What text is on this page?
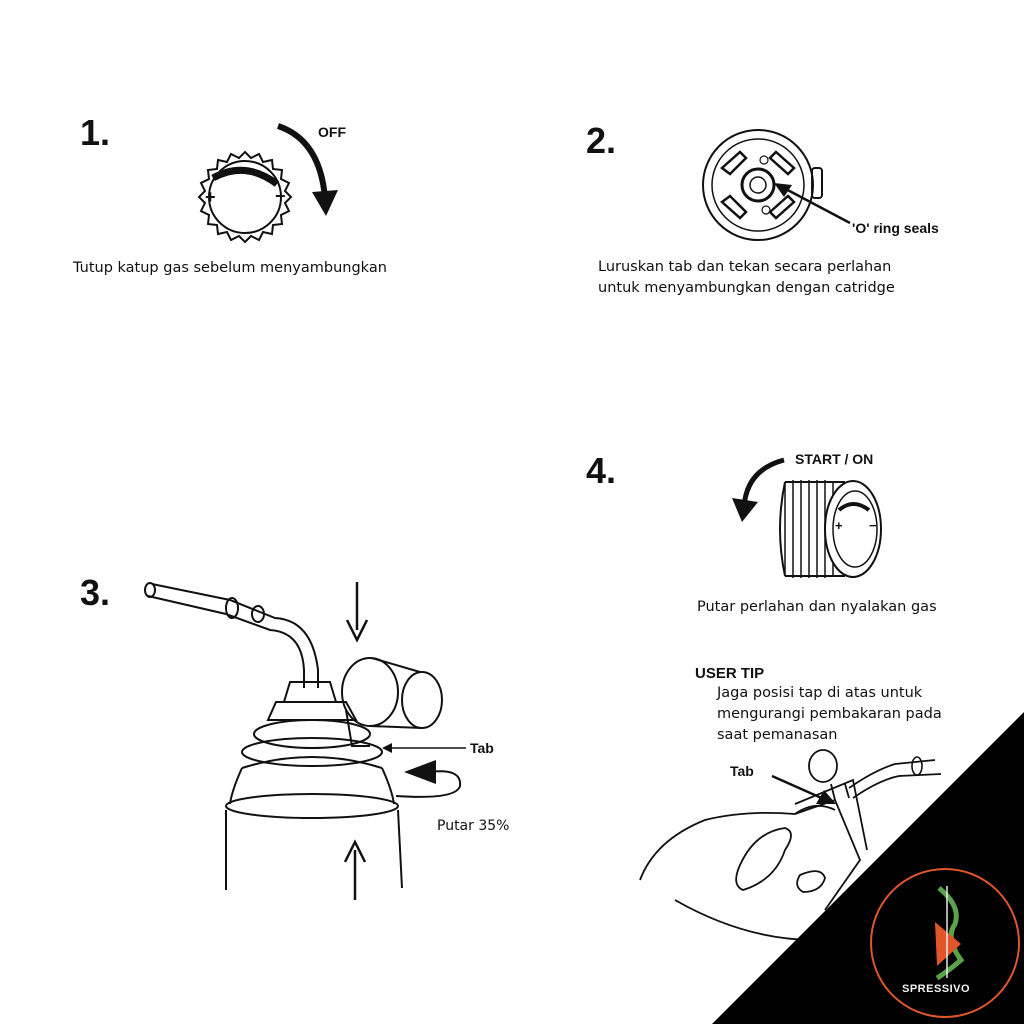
1.
+	−
OFF
Tutup katup gas sebelum menyambungkan
2.
'O' ring seals
Luruskan tab dan tekan secara perlahan
untuk menyambungkan dengan catridge
3.
Tab
Putar 35%
4.	START / ON
+ −
Putar perlahan dan nyalakan gas
USER TIP
Jaga posisi tap di atas untuk
mengurangi pembakaran pada
saat pemanasan
Tab
SPRESSIVO
